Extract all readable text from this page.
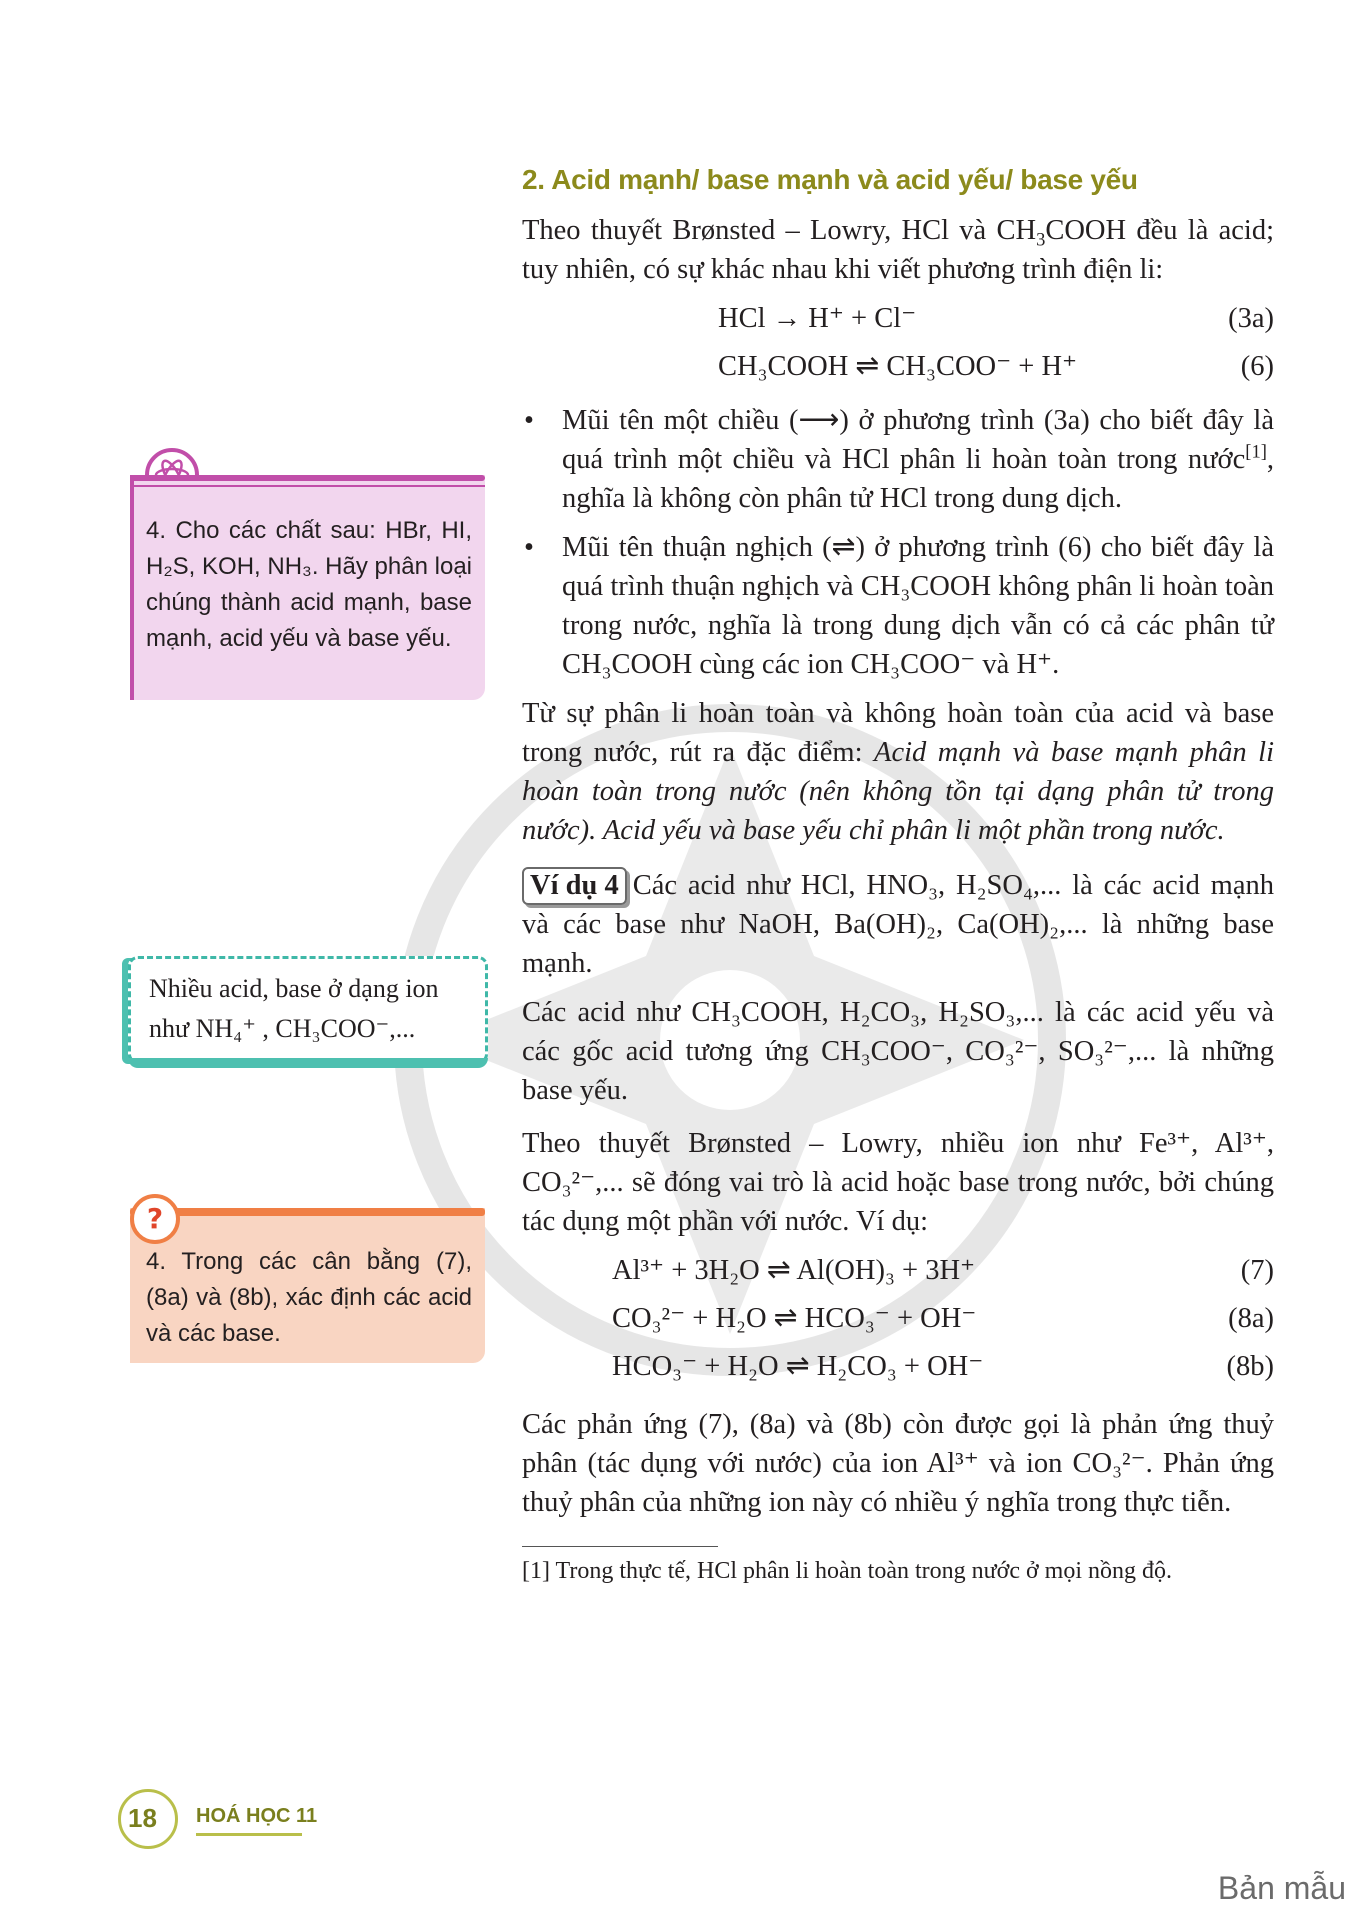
4. Cho các chất sau: HBr, HI, H₂S, KOH, NH₃. Hãy phân loại chúng thành acid mạnh, base mạnh, acid yếu và base yếu.
Nhiều acid, base ở dạng ion như NH₄⁺ , CH₃COO⁻,...
4. Trong các cân bằng (7), (8a) và (8b), xác định các acid và các base.
?
2. Acid mạnh/ base mạnh và acid yếu/ base yếu

Theo thuyết Brønsted – Lowry, HCl và $CH_3COOH$ đều là acid; tuy nhiên, có sự khác nhau khi viết phương trình điện li:

HCl → H⁺ + Cl⁻	(3a)
CH₃COOH ⇌ CH₃COO⁻ + H⁺	(6)
• Mũi tên một chiều (⟶) ở phương trình (3a) cho biết đây là quá trình một chiều và HCl phân li hoàn toàn trong nước[1], nghĩa là không còn phân tử HCl trong dung dịch.
• Mũi tên thuận nghịch (⇌) ở phương trình (6) cho biết đây là quá trình thuận nghịch và CH₃COOH không phân li hoàn toàn trong nước, nghĩa là trong dung dịch vẫn có cả các phân tử CH₃COOH cùng các ion CH₃COO⁻ và H⁺.

Từ sự phân li hoàn toàn và không hoàn toàn của acid và base trong nước, rút ra đặc điểm: Acid mạnh và base mạnh phân li hoàn toàn trong nước (nên không tồn tại dạng phân tử trong nước). Acid yếu và base yếu chỉ phân li một phần trong nước.

Ví dụ 4 Các acid như HCl, HNO₃, H₂SO₄,... là các acid mạnh và các base như NaOH, Ba(OH)₂, Ca(OH)₂,... là những base mạnh.

Các acid như CH₃COOH, H₂CO₃, H₂SO₃,... là các acid yếu và các gốc acid tương ứng CH₃COO⁻, CO₃²⁻, SO₃²⁻,... là những base yếu.

Theo thuyết Brønsted – Lowry, nhiều ion như Fe³⁺, Al³⁺, CO₃²⁻,... sẽ đóng vai trò là acid hoặc base trong nước, bởi chúng tác dụng một phần với nước. Ví dụ:

Al³⁺ + 3H₂O ⇌ Al(OH)₃ + 3H⁺	(7)
CO₃²⁻ + H₂O ⇌ HCO₃⁻ + OH⁻	(8a)
HCO₃⁻ + H₂O ⇌ H₂CO₃ + OH⁻	(8b)

Các phản ứng (7), (8a) và (8b) còn được gọi là phản ứng thuỷ phân (tác dụng với nước) của ion Al³⁺ và ion CO₃²⁻. Phản ứng thuỷ phân của những ion này có nhiều ý nghĩa trong thực tiễn.

[1] Trong thực tế, HCl phân li hoàn toàn trong nước ở mọi nồng độ.
18 HOÁ HỌC 11
Bản mẫu
